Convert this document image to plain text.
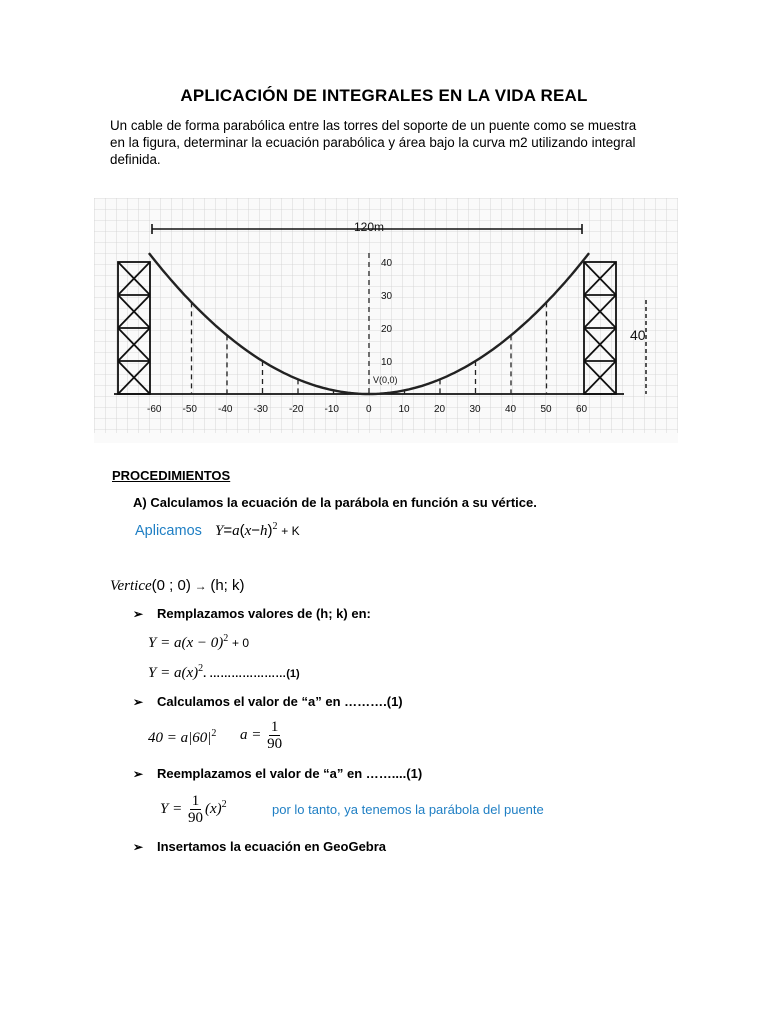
APLICACIÓN DE INTEGRALES EN LA VIDA REAL
Un cable de forma parabólica entre las torres del soporte de un puente como se muestra en la figura, determinar la ecuación parabólica y área bajo la curva m2 utilizando integral definida.
120m
40
-60 -50 -40 -30 -20 -10	0	10 20 30 40 50 60
40
30
20
10
V(0,0)
PROCEDIMIENTOS
A) Calculamos la ecuación de la parábola en función a su vértice.
Aplicamos $Y=a(x-h)^2 + K$
Vertice(0 ; 0) → (h; k)
➢	Remplazamos valores de (h; k) en:
$Y = a(x - 0)^2 + 0$
$Y = a(x)^2$. …………………(1)
➢	Calculamos el valor de “a” en ……….(1)
$40 = a|60|^2$ $a = \frac{1}{90}$
➢	Reemplazamos el valor de “a” en ……....(1)
$Y = \frac{1}{90} (x)^2$	por lo tanto, ya tenemos la parábola del puente
➢	Insertamos la ecuación en GeoGebra
